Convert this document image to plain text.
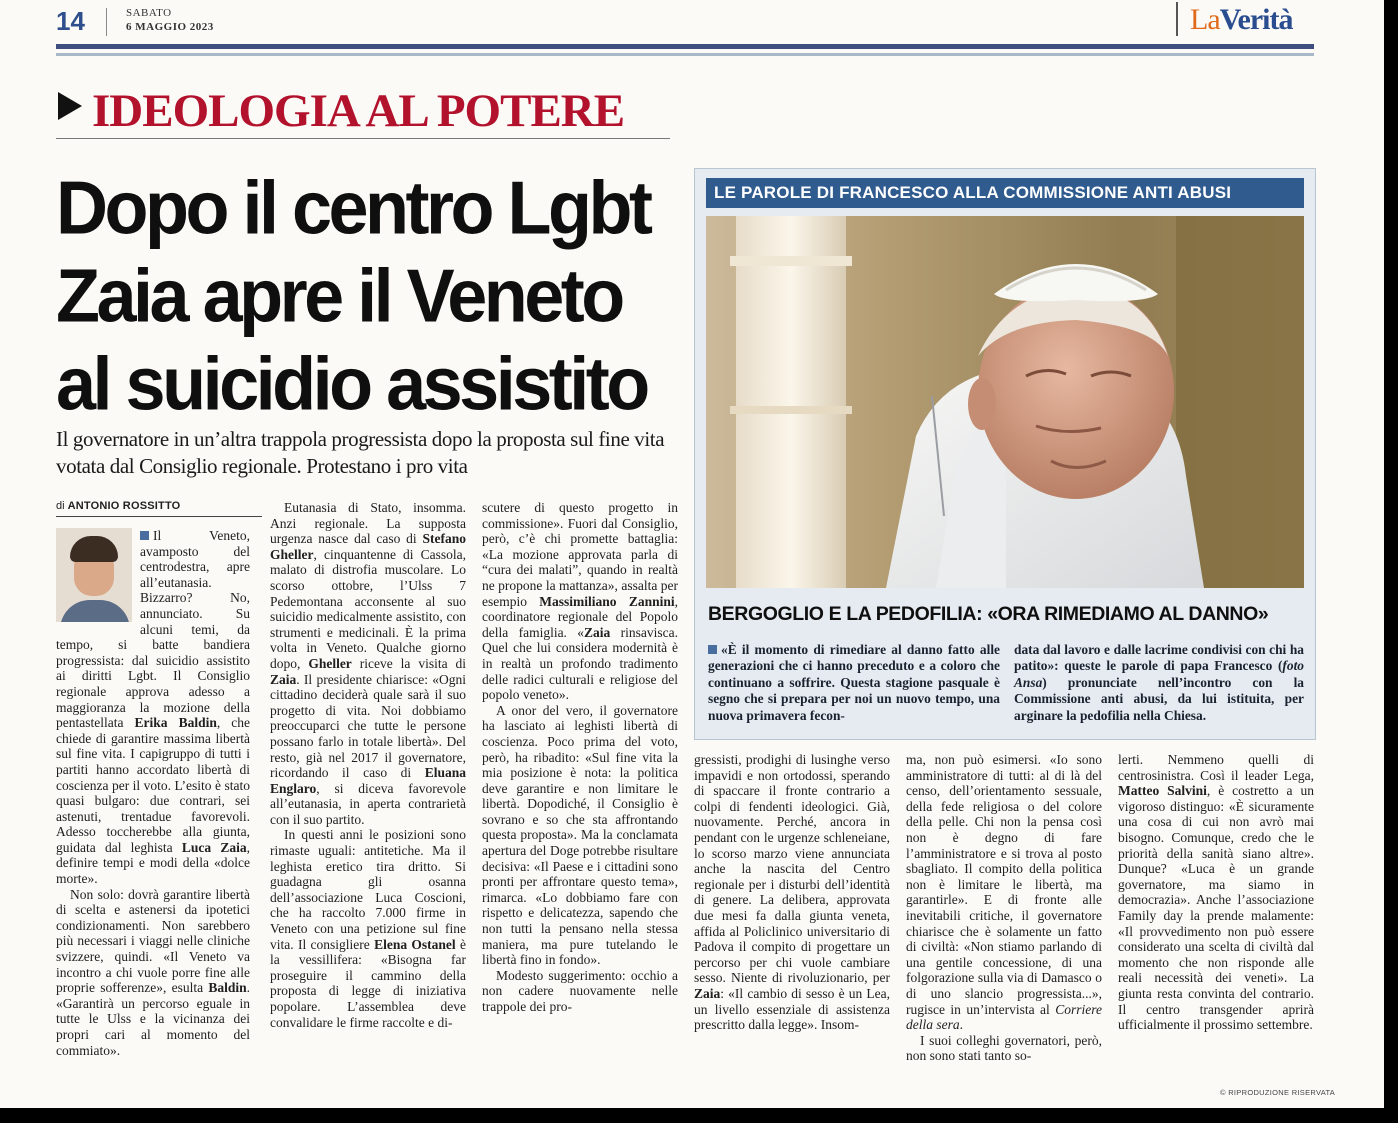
14	SABATO
6 MAGGIO 2023	LaVerità
IDEOLOGIA AL POTERE
Dopo il centro Lgbt
Zaia apre il Veneto
al suicidio assistito
Il governatore in un’altra trappola progressista dopo la proposta sul fine vita votata dal Consiglio regionale. Protestano i pro vita
di ANTONIO ROSSITTO

Il Veneto, avamposto del centrodestra, apre all’eutanasia. Bizzarro? No, annunciato. Su alcuni temi, da tempo, si batte bandiera progressista: dal suicidio assistito ai diritti Lgbt. Il Consiglio regionale approva adesso a maggioranza la mozione della pentastellata Erika Baldin, che chiede di garantire massima libertà sul fine vita. I capigruppo di tutti i partiti hanno accordato libertà di coscienza per il voto. L’esito è stato quasi bulgaro: due contrari, sei astenuti, trentadue favorevoli. Adesso toccherebbe alla giunta, guidata dal leghista Luca Zaia, definire tempi e modi della «dolce morte».

Non solo: dovrà garantire libertà di scelta e astenersi da ipotetici condizionamenti. Non sarebbero più necessari i viaggi nelle cliniche svizzere, quindi. «Il Veneto va incontro a chi vuole porre fine alle proprie sofferenze», esulta Baldin. «Garantirà un percorso eguale in tutte le Ulss e la vicinanza dei propri cari al momento del commiato».

Eutanasia di Stato, insomma. Anzi regionale. La supposta urgenza nasce dal caso di Stefano Gheller, cinquantenne di Cassola, malato di distrofia muscolare. Lo scorso ottobre, l’Ulss 7 Pedemontana acconsente al suo suicidio medicalmente assistito, con strumenti e medicinali. È la prima volta in Veneto. Qualche giorno dopo, Gheller riceve la visita di Zaia. Il presidente chiarisce: «Ogni cittadino deciderà quale sarà il suo progetto di vita. Noi dobbiamo preoccuparci che tutte le persone possano farlo in totale libertà». Del resto, già nel 2017 il governatore, ricordando il caso di Eluana Englaro, si diceva favorevole all’eutanasia, in aperta contrarietà con il suo partito.

In questi anni le posizioni sono rimaste uguali: antitetiche. Ma il leghista eretico tira dritto. Si guadagna gli osanna dell’associazione Luca Coscioni, che ha raccolto 7.000 firme in Veneto con una petizione sul fine vita. Il consigliere Elena Ostanel è la vessillifera: «Bisogna far proseguire il cammino della proposta di legge di iniziativa popolare. L’assemblea deve convalidare le firme raccolte e di-

scutere di questo progetto in commissione». Fuori dal Consiglio, però, c’è chi promette battaglia: «La mozione approvata parla di “cura dei malati”, quando in realtà ne propone la mattanza», assalta per esempio Massimiliano Zannini, coordinatore regionale del Popolo della famiglia. «Zaia rinsavisca. Quel che lui considera modernità è in realtà un profondo tradimento delle radici culturali e religiose del popolo veneto».

A onor del vero, il governatore ha lasciato ai leghisti libertà di coscienza. Poco prima del voto, però, ha ribadito: «Sul fine vita la mia posizione è nota: la politica deve garantire e non limitare le libertà. Dopodiché, il Consiglio è sovrano e so che sta affrontando questa proposta». Ma la conclamata apertura del Doge potrebbe risultare decisiva: «Il Paese e i cittadini sono pronti per affrontare questo tema», rimarca. «Lo dobbiamo fare con rispetto e delicatezza, sapendo che non tutti la pensano nella stessa maniera, ma pure tutelando le libertà fino in fondo».

Modesto suggerimento: occhio a non cadere nuovamente nelle trappole dei pro-

LE PAROLE DI FRANCESCO ALLA COMMISSIONE ANTI ABUSI
BERGOGLIO E LA PEDOFILIA: «ORA RIMEDIAMO AL DANNO»
«È il momento di rimediare al danno fatto alle generazioni che ci hanno preceduto e a coloro che continuano a soffrire. Questa stagione pasquale è segno che si prepara per noi un nuovo tempo, una nuova primavera fecon-
data dal lavoro e dalle lacrime condivisi con chi ha patito»: queste le parole di papa Francesco (foto Ansa) pronunciate nell’incontro con la Commissione anti abusi, da lui istituita, per arginare la pedofilia nella Chiesa.

gressisti, prodighi di lusinghe verso impavidi e non ortodossi, sperando di spaccare il fronte contrario a colpi di fendenti ideologici. Già, nuovamente. Perché, ancora in pendant con le urgenze schleneiane, lo scorso marzo viene annunciata anche la nascita del Centro regionale per i disturbi dell’identità di genere. La delibera, approvata due mesi fa dalla giunta veneta, affida al Policlinico universitario di Padova il compito di progettare un percorso per chi vuole cambiare sesso. Niente di rivoluzionario, per Zaia: «Il cambio di sesso è un Lea, un livello essenziale di assistenza prescritto dalla legge». Insom-

ma, non può esimersi. «Io sono amministratore di tutti: al di là del censo, dell’orientamento sessuale, della fede religiosa o del colore della pelle. Chi non la pensa così non è degno di fare l’amministratore e si trova al posto sbagliato. Il compito della politica non è limitare le libertà, ma garantirle». E di fronte alle inevitabili critiche, il governatore chiarisce che è solamente un fatto di civiltà: «Non stiamo parlando di una gentile concessione, di una folgorazione sulla via di Damasco o di uno slancio progressista...», rugisce in un’intervista al Corriere della sera.

I suoi colleghi governatori, però, non sono stati tanto so-

lerti. Nemmeno quelli di centrosinistra. Così il leader Lega, Matteo Salvini, è costretto a un vigoroso distinguo: «È sicuramente una cosa di cui non avrò mai bisogno. Comunque, credo che le priorità della sanità siano altre». Dunque? «Luca è un grande governatore, ma siamo in democrazia». Anche l’associazione Family day la prende malamente: «Il provvedimento non può essere considerato una scelta di civiltà dal momento che non risponde alle reali necessità dei veneti». La giunta resta convinta del contrario. Il centro transgender aprirà ufficialmente il prossimo settembre.

© RIPRODUZIONE RISERVATA
